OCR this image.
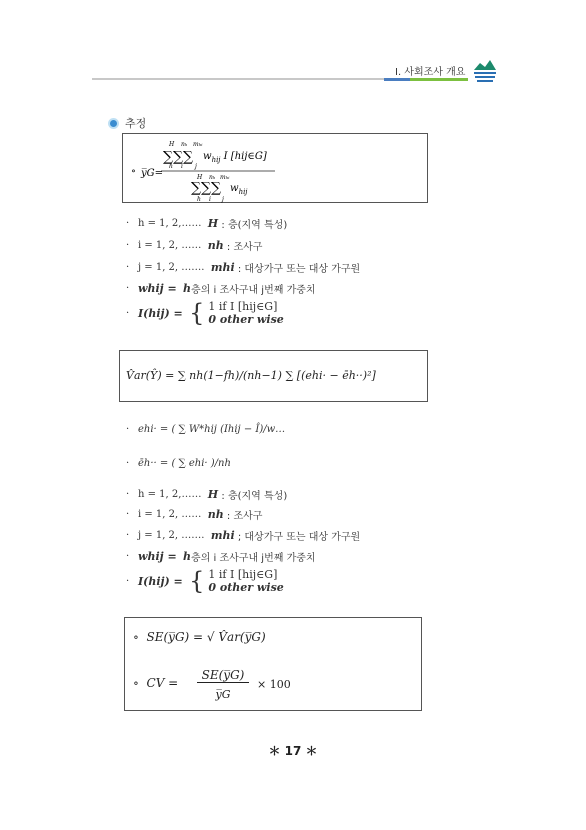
Ⅰ. 사회조사 개요
추정
∘ y̅G=
∑∑∑ $w_{hij}$ I [hij∈G]
H nₕ mₕᵢ
h i	j
∑∑∑ $w_{hij}$
H nₕ mₕᵢ
h i	j
· h = 1, 2,……
H
: 층(지역 특성)
· i = 1, 2, ……
nh
: 조사구
· j = 1, 2, …….
mhi
: 대상가구 또는 대상 가구원
· whij =
h 층의 i 조사구내 j번째 가중치
· I(hij) =
{ 1 if I [hij∈G]
0 other wise
V̂ar(Ŷ) = ∑ nh(1−fh)/(nh−1) ∑ [(ehi· − ēh··)²]
· ehi· = ( ∑ W*hij (Ihij − Î)/w…
· ēh·· = ( ∑ ehi· )/nh
· h = 1, 2,……
H
: 층(지역 특성)
· i = 1, 2, ……
nh
: 조사구
· j = 1, 2, …….
mhi
; 대상가구 또는 대상 가구원
· whij =
h 층의 i 조사구내 j번째 가중치
· I(hij) =
{ 1 if I [hij∈G]
0 other wise
∘  SE(y̅G) = √ V̂ar(y̅G)
∘  CV =
SE(y̅G)
y̅G
× 100
＊ 17 ＊
